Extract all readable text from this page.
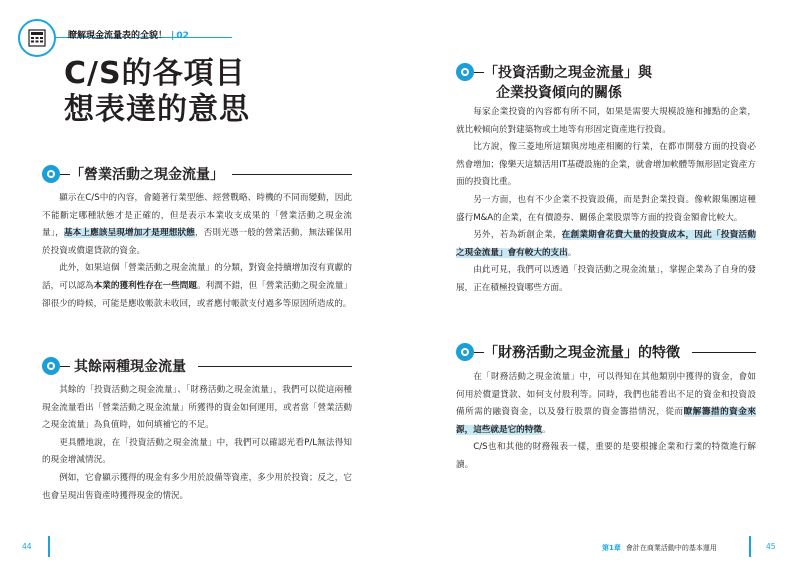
瞭解現金流量表的全貌！ | 02
C/S的各項目
想表達的意思
「營業活動之現金流量」

顯示在C/S中的內容，會隨著行業型態、經營戰略、時機的不同而變動，因此不能斷定哪種狀態才是正確的，但是表示本業收支成果的「營業活動之現金流量」，基本上應該呈現增加才是理想狀態，否則光憑一般的營業活動，無法確保用於投資或償還貸款的資金。

此外，如果這個「營業活動之現金流量」的分類，對資金持續增加沒有貢獻的話，可以認為本業的獲利性存在一些問題。利潤不錯，但「營業活動之現金流量」卻很少的時候，可能是應收帳款未收回，或者應付帳款支付過多等原因所造成的。

其餘兩種現金流量

其餘的「投資活動之現金流量」、「財務活動之現金流量」，我們可以從這兩種現金流量看出「營業活動之現金流量」所獲得的資金如何運用，或者當「營業活動之現金流量」為負值時，如何填補它的不足。

更具體地說，在「投資活動之現金流量」中，我們可以確認光看P/L無法得知的現金增減情況。

例如，它會顯示獲得的現金有多少用於設備等資產，多少用於投資；反之，它也會呈現出售資產時獲得現金的情況。

「投資活動之現金流量」與
企業投資傾向的關係

每家企業投資的內容都有所不同，如果是需要大規模設施和據點的企業，就比較傾向於對建築物或土地等有形固定資產進行投資。

比方說，像三菱地所這類與房地產相關的行業，在都市開發方面的投資必然會增加；像樂天這類活用IT基礎設施的企業，就會增加軟體等無形固定資產方面的投資比重。

另一方面，也有不少企業不投資設備，而是對企業投資。像軟銀集團這種盛行M&A的企業，在有價證券、關係企業股票等方面的投資金額會比較大。

另外，若為新創企業，在創業期會花費大量的投資成本，因此「投資活動之現金流量」會有較大的支出。

由此可見，我們可以透過「投資活動之現金流量」，掌握企業為了自身的發展，正在積極投資哪些方面。

「財務活動之現金流量」的特徵

在「財務活動之現金流量」中，可以得知在其他類別中獲得的資金，會如何用於償還貸款、如何支付股利等。同時，我們也能看出不足的資金和投資設備所需的融資資金，以及發行股票的資金籌措情況，從而瞭解籌措的資金來源，這些就是它的特徵。

C/S也和其他的財務報表一樣，重要的是要根據企業和行業的特徵進行解讀。

44	第1章 會計在商業活動中的基本運用	45
